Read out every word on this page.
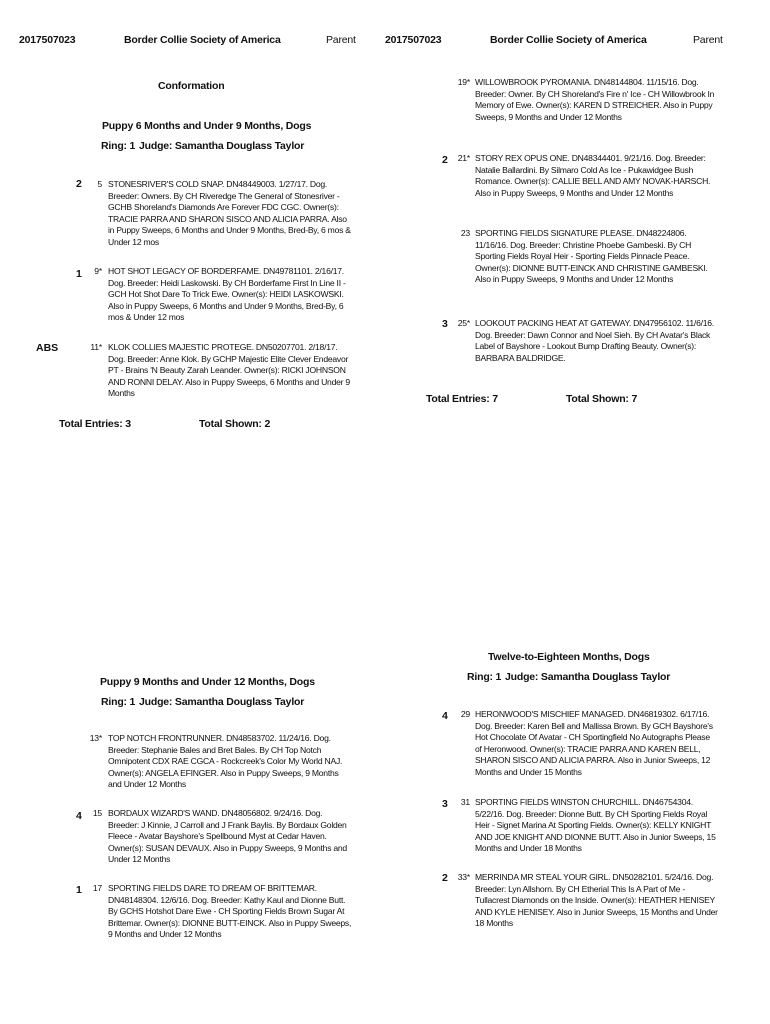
2017507023	Border Collie Society of America	Parent	2017507023	Border Collie Society of America	Parent
Conformation
Puppy 6 Months and Under 9 Months, Dogs
Ring: 1 Judge: Samantha Douglass Taylor
2	5 STONESRIVER'S COLD SNAP. DN48449003. 1/27/17. Dog. Breeder: Owners. By CH Riveredge The General of Stonesriver - GCHB Shoreland's Diamonds Are Forever FDC CGC. Owner(s): TRACIE PARRA AND SHARON SISCO AND ALICIA PARRA. Also in Puppy Sweeps, 6 Months and Under 9 Months, Bred-By, 6 mos & Under 12 mos
1	9* HOT SHOT LEGACY OF BORDERFAME. DN49781101. 2/16/17. Dog. Breeder: Heidi Laskowski. By CH Borderfame First In Line II - GCH Hot Shot Dare To Trick Ewe. Owner(s): HEIDI LASKOWSKI. Also in Puppy Sweeps, 6 Months and Under 9 Months, Bred-By, 6 mos & Under 12 mos
ABS	11* KLOK COLLIES MAJESTIC PROTEGE. DN50207701. 2/18/17. Dog. Breeder: Anne Klok. By GCHP Majestic Elite Clever Endeavor PT - Brains 'N Beauty Zarah Leander. Owner(s): RICKI JOHNSON AND RONNI DELAY. Also in Puppy Sweeps, 6 Months and Under 9 Months
Total Entries: 3	Total Shown: 2
19* WILLOWBROOK PYROMANIA. DN48144804. 11/15/16. Dog. Breeder: Owner. By CH Shoreland's Fire n' Ice - CH Willowbrook In Memory of Ewe. Owner(s): KAREN D STREICHER. Also in Puppy Sweeps, 9 Months and Under 12 Months
2	21* STORY REX OPUS ONE. DN48344401. 9/21/16. Dog. Breeder: Natalie Ballardini. By Silmaro Cold As Ice - Pukawidgee Bush Romance. Owner(s): CALLIE BELL AND AMY NOVAK-HARSCH. Also in Puppy Sweeps, 9 Months and Under 12 Months
23 SPORTING FIELDS SIGNATURE PLEASE. DN48224806. 11/16/16. Dog. Breeder: Christine Phoebe Gambeski. By CH Sporting Fields Royal Heir - Sporting Fields Pinnacle Peace. Owner(s): DIONNE BUTT-EINCK AND CHRISTINE GAMBESKI. Also in Puppy Sweeps, 9 Months and Under 12 Months
3	25* LOOKOUT PACKING HEAT AT GATEWAY. DN47956102. 11/6/16. Dog. Breeder: Dawn Connor and Noel Sieh. By CH Avatar's Black Label of Bayshore - Lookout Bump Drafting Beauty. Owner(s): BARBARA BALDRIDGE.
Total Entries: 7	Total Shown: 7
Puppy 9 Months and Under 12 Months, Dogs
Ring: 1 Judge: Samantha Douglass Taylor
13* TOP NOTCH FRONTRUNNER. DN48583702. 11/24/16. Dog. Breeder: Stephanie Bales and Bret Bales. By CH Top Notch Omnipotent CDX RAE CGCA - Rockcreek's Color My World NAJ. Owner(s): ANGELA EFINGER. Also in Puppy Sweeps, 9 Months and Under 12 Months
4	15 BORDAUX WIZARD'S WAND. DN48056802. 9/24/16. Dog. Breeder: J Kinnie, J Carroll and J Frank Baylis. By Bordaux Golden Fleece - Avatar Bayshore's Spellbound Myst at Cedar Haven. Owner(s): SUSAN DEVAUX. Also in Puppy Sweeps, 9 Months and Under 12 Months
1	17 SPORTING FIELDS DARE TO DREAM OF BRITTEMAR. DN48148304. 12/6/16. Dog. Breeder: Kathy Kaul and Dionne Butt. By GCHS Hotshot Dare Ewe - CH Sporting Fields Brown Sugar At Brittemar. Owner(s): DIONNE BUTT-EINCK. Also in Puppy Sweeps, 9 Months and Under 12 Months
Twelve-to-Eighteen Months, Dogs
Ring: 1 Judge: Samantha Douglass Taylor
4	29 HERONWOOD'S MISCHIEF MANAGED. DN46819302. 6/17/16. Dog. Breeder: Karen Bell and Mallissa Brown. By GCH Bayshore's Hot Chocolate Of Avatar - CH Sportingfield No Autographs Please of Heronwood. Owner(s): TRACIE PARRA AND KAREN BELL, SHARON SISCO AND ALICIA PARRA. Also in Junior Sweeps, 12 Months and Under 15 Months
3	31 SPORTING FIELDS WINSTON CHURCHILL. DN46754304. 5/22/16. Dog. Breeder: Dionne Butt. By CH Sporting Fields Royal Heir - Signet Marina At Sporting Fields. Owner(s): KELLY KNIGHT AND JOE KNIGHT AND DIONNE BUTT. Also in Junior Sweeps, 15 Months and Under 18 Months
2	33* MERRINDA MR STEAL YOUR GIRL. DN50282101. 5/24/16. Dog. Breeder: Lyn Allshorn. By CH Etherial This Is A Part of Me - Tullacrest Diamonds on the Inside. Owner(s): HEATHER HENISEY AND KYLE HENISEY. Also in Junior Sweeps, 15 Months and Under 18 Months
